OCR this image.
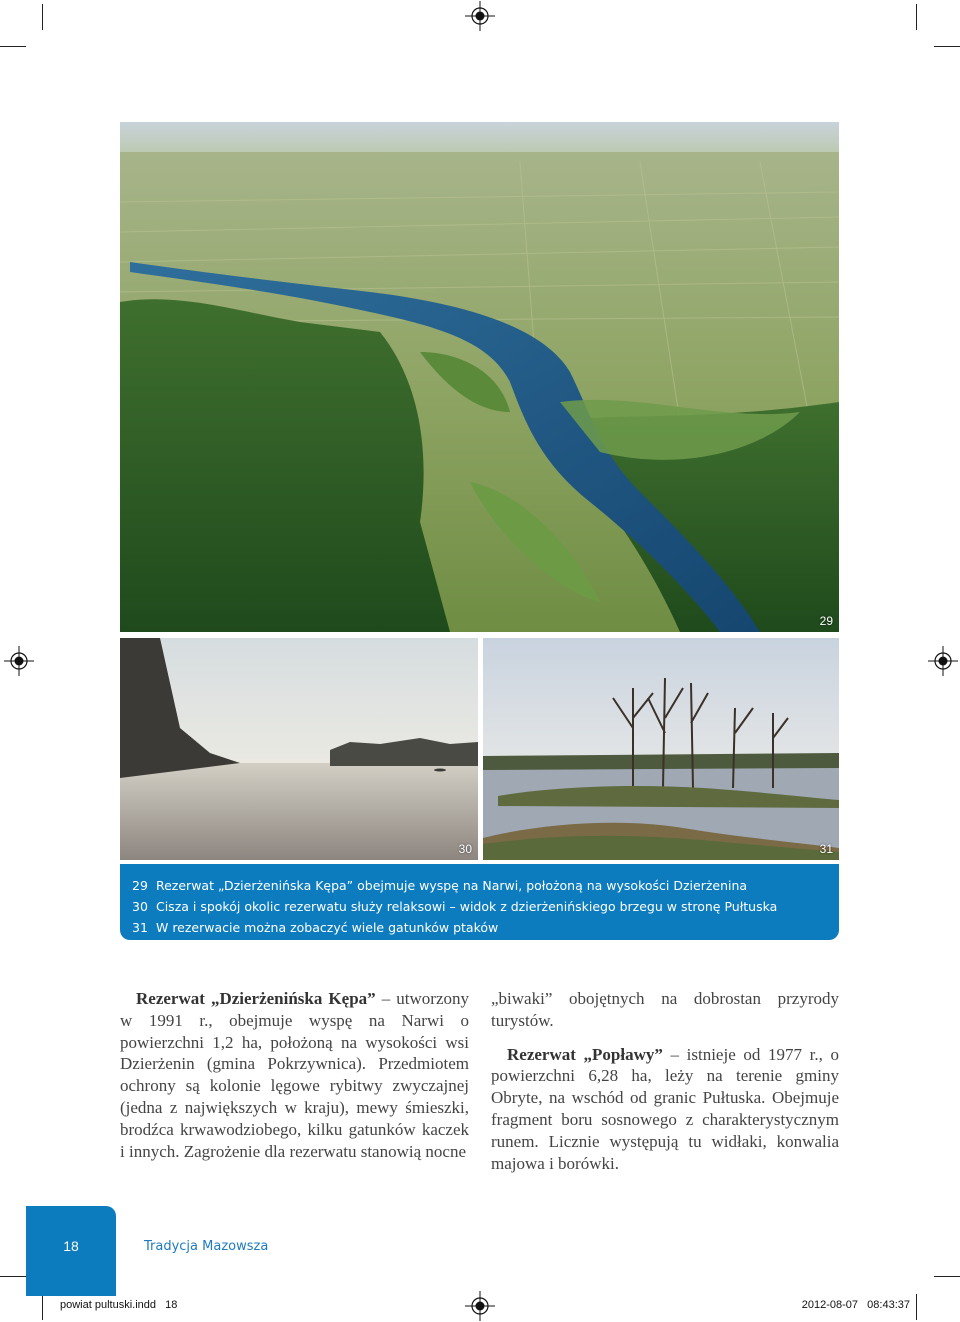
29
30	31
29 Rezerwat „Dzierżenińska Kępa” obejmuje wyspę na Narwi, położoną na wysokości Dzierżenina
30 Cisza i spokój okolic rezerwatu służy relaksowi – widok z dzierżenińskiego brzegu w stronę Pułtuska
31 W rezerwacie można zobaczyć wiele gatunków ptaków

Rezerwat „Dzierżenińska Kępa” – utworzony w 1991 r., obejmuje wyspę na Narwi o powierzchni 1,2 ha, położoną na wysokości wsi Dzierżenin (gmina Pokrzywnica). Przedmiotem ochrony są kolonie lęgowe rybitwy zwyczajnej (jedna z największych w kraju), mewy śmieszki, brodźca krwawodziobego, kilku gatunków kaczek i innych. Zagrożenie dla rezerwatu stanowią nocne

„biwaki” obojętnych na dobrostan przyrody turystów.

Rezerwat „Popławy” – istnieje od 1977 r., o powierzchni 6,28 ha, leży na terenie gminy Obryte, na wschód od granic Pułtuska. Obejmuje fragment boru sosnowego z charakterystycznym runem. Licznie występują tu widłaki, konwalia majowa i borówki.

18	Tradycja Mazowsza
powiat pultuski.indd   18	2012-08-07   08:43:37
